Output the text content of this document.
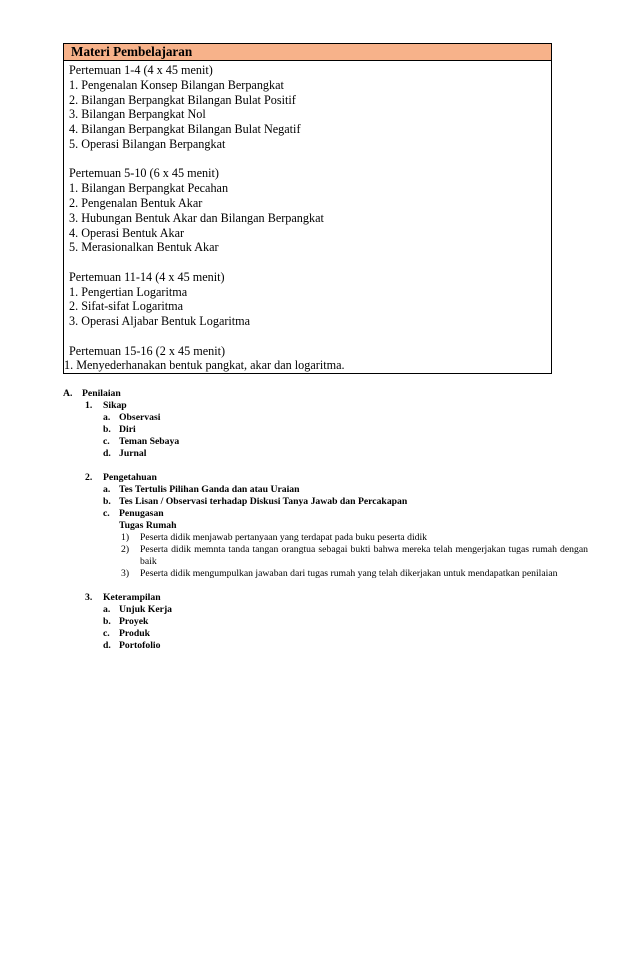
Materi Pembelajaran
Pertemuan 1-4 (4 x 45 menit)
1. Pengenalan Konsep Bilangan Berpangkat
2. Bilangan Berpangkat Bilangan Bulat Positif
3. Bilangan Berpangkat Nol
4. Bilangan Berpangkat Bilangan Bulat Negatif
5. Operasi Bilangan Berpangkat
Pertemuan 5-10 (6 x 45 menit)
1. Bilangan Berpangkat Pecahan
2. Pengenalan Bentuk Akar
3. Hubungan Bentuk Akar dan Bilangan Berpangkat
4. Operasi Bentuk Akar
5. Merasionalkan Bentuk Akar
Pertemuan 11-14 (4 x 45 menit)
1. Pengertian Logaritma
2. Sifat-sifat Logaritma
3. Operasi Aljabar Bentuk Logaritma
Pertemuan 15-16 (2 x 45 menit)
1. Menyederhanakan bentuk pangkat, akar dan logaritma.
A. Penilaian
1. Sikap
a. Observasi
b. Diri
c. Teman Sebaya
d. Jurnal
2. Pengetahuan
a. Tes Tertulis Pilihan Ganda dan atau Uraian
b. Tes Lisan / Observasi terhadap Diskusi Tanya Jawab dan Percakapan
c. Penugasan
Tugas Rumah
1) Peserta didik menjawab pertanyaan yang terdapat pada buku peserta didik
2) Peserta didik memnta tanda tangan orangtua sebagai bukti bahwa mereka telah mengerjakan tugas rumah dengan baik
3) Peserta didik mengumpulkan jawaban dari tugas rumah yang telah dikerjakan untuk mendapatkan penilaian
3. Keterampilan
a. Unjuk Kerja
b. Proyek
c. Produk
d. Portofolio
